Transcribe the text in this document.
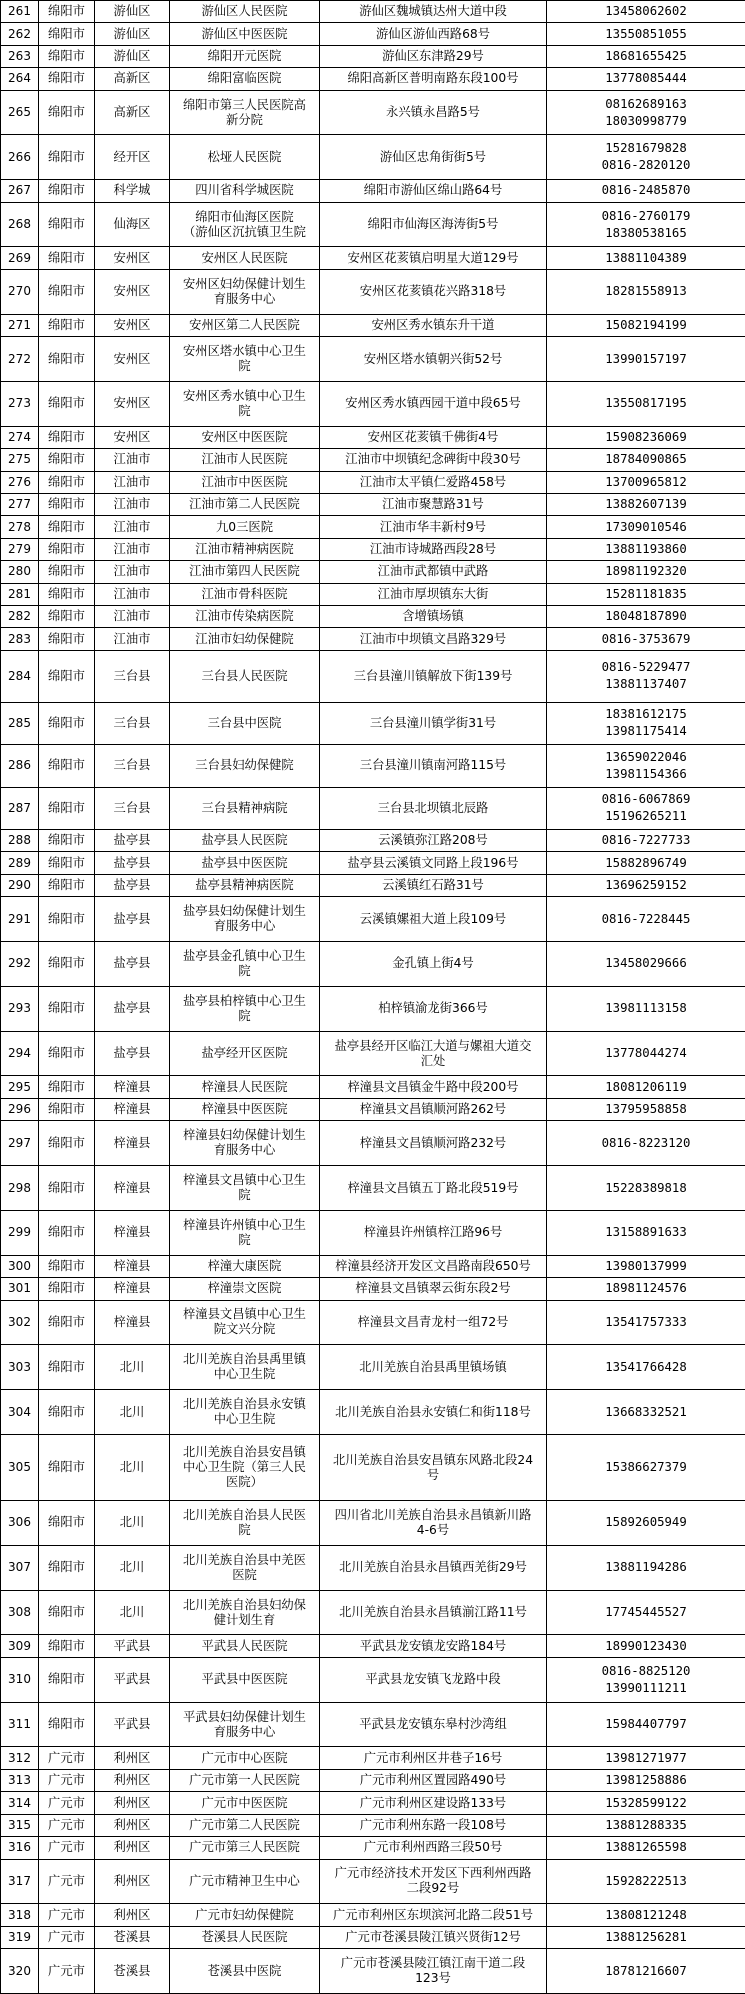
261	绵阳市	游仙区	游仙区人民医院	游仙区魏城镇达州大道中段	13458062602
262	绵阳市	游仙区	游仙区中医医院	游仙区游仙西路68号	13550851055
263	绵阳市	游仙区	绵阳开元医院	游仙区东津路29号	18681655425
264	绵阳市	高新区	绵阳富临医院	绵阳高新区普明南路东段100号	13778085444
265	绵阳市	高新区	绵阳市第三人民医院高
新分院	永兴镇永昌路5号	08162689163
18030998779
266	绵阳市	经开区	松垭人民医院	游仙区忠角街街5号	15281679828
0816-2820120
267	绵阳市	科学城	四川省科学城医院	绵阳市游仙区绵山路64号	0816-2485870
268	绵阳市	仙海区	绵阳市仙海区医院
（游仙区沉抗镇卫生院	绵阳市仙海区海涛街5号	0816-2760179
18380538165
269	绵阳市	安州区	安州区人民医院	安州区花荄镇启明星大道129号	13881104389
270	绵阳市	安州区	安州区妇幼保健计划生
育服务中心	安州区花荄镇花兴路318号	18281558913
271	绵阳市	安州区	安州区第二人民医院	安州区秀水镇东升干道	15082194199
272	绵阳市	安州区	安州区塔水镇中心卫生
院	安州区塔水镇朝兴街52号	13990157197
273	绵阳市	安州区	安州区秀水镇中心卫生
院	安州区秀水镇西园干道中段65号	13550817195
274	绵阳市	安州区	安州区中医医院	安州区花荄镇千佛街4号	15908236069
275	绵阳市	江油市	江油市人民医院	江油市中坝镇纪念碑街中段30号	18784090865
276	绵阳市	江油市	江油市中医医院	江油市太平镇仁爱路458号	13700965812
277	绵阳市	江油市	江油市第二人民医院	江油市聚慧路31号	13882607139
278	绵阳市	江油市	九0三医院	江油市华丰新村9号	17309010546
279	绵阳市	江油市	江油市精神病医院	江油市诗城路西段28号	13881193860
280	绵阳市	江油市	江油市第四人民医院	江油市武都镇中武路	18981192320
281	绵阳市	江油市	江油市骨科医院	江油市厚坝镇东大街	15281181835
282	绵阳市	江油市	江油市传染病医院	含增镇场镇	18048187890
283	绵阳市	江油市	江油市妇幼保健院	江油市中坝镇文昌路329号	0816-3753679
284	绵阳市	三台县	三台县人民医院	三台县潼川镇解放下街139号	0816-5229477
13881137407
285	绵阳市	三台县	三台县中医院	三台县潼川镇学街31号	18381612175
13981175414
286	绵阳市	三台县	三台县妇幼保健院	三台县潼川镇南河路115号	13659022046
13981154366
287	绵阳市	三台县	三台县精神病院	三台县北坝镇北辰路	0816-6067869
15196265211
288	绵阳市	盐亭县	盐亭县人民医院	云溪镇弥江路208号	0816-7227733
289	绵阳市	盐亭县	盐亭县中医医院	盐亭县云溪镇文同路上段196号	15882896749
290	绵阳市	盐亭县	盐亭县精神病医院	云溪镇红石路31号	13696259152
291	绵阳市	盐亭县	盐亭县妇幼保健计划生
育服务中心	云溪镇嫘祖大道上段109号	0816-7228445
292	绵阳市	盐亭县	盐亭县金孔镇中心卫生
院	金孔镇上街4号	13458029666
293	绵阳市	盐亭县	盐亭县柏梓镇中心卫生
院	柏梓镇渝龙街366号	13981113158
294	绵阳市	盐亭县	盐亭经开区医院	盐亭县经开区临江大道与嫘祖大道交
汇处	13778044274
295	绵阳市	梓潼县	梓潼县人民医院	梓潼县文昌镇金牛路中段200号	18081206119
296	绵阳市	梓潼县	梓潼县中医医院	梓潼县文昌镇顺河路262号	13795958858
297	绵阳市	梓潼县	梓潼县妇幼保健计划生
育服务中心	梓潼县文昌镇顺河路232号	0816-8223120
298	绵阳市	梓潼县	梓潼县文昌镇中心卫生
院	梓潼县文昌镇五丁路北段519号	15228389818
299	绵阳市	梓潼县	梓潼县许州镇中心卫生
院	梓潼县许州镇梓江路96号	13158891633
300	绵阳市	梓潼县	梓潼大康医院	梓潼县经济开发区文昌路南段650号	13980137999
301	绵阳市	梓潼县	梓潼崇文医院	梓潼县文昌镇翠云街东段2号	18981124576
302	绵阳市	梓潼县	梓潼县文昌镇中心卫生
院文兴分院	梓潼县文昌青龙村一组72号	13541757333
303	绵阳市	北川	北川羌族自治县禹里镇
中心卫生院	北川羌族自治县禹里镇场镇	13541766428
304	绵阳市	北川	北川羌族自治县永安镇
中心卫生院	北川羌族自治县永安镇仁和街118号	13668332521
305	绵阳市	北川	北川羌族自治县安昌镇
中心卫生院（第三人民
医院）	北川羌族自治县安昌镇东风路北段24
号	15386627379
306	绵阳市	北川	北川羌族自治县人民医
院	四川省北川羌族自治县永昌镇新川路
4-6号	15892605949
307	绵阳市	北川	北川羌族自治县中羌医
医院	北川羌族自治县永昌镇西羌街29号	13881194286
308	绵阳市	北川	北川羌族自治县妇幼保
健计划生育	北川羌族自治县永昌镇湔江路11号	17745445527
309	绵阳市	平武县	平武县人民医院	平武县龙安镇龙安路184号	18990123430
310	绵阳市	平武县	平武县中医医院	平武县龙安镇飞龙路中段	0816-8825120
13990111211
311	绵阳市	平武县	平武县妇幼保健计划生
育服务中心	平武县龙安镇东皋村沙湾组	15984407797
312	广元市	利州区	广元市中心医院	广元市利州区井巷子16号	13981271977
313	广元市	利州区	广元市第一人民医院	广元市利州区置园路490号	13981258886
314	广元市	利州区	广元市中医医院	广元市利州区建设路133号	15328599122
315	广元市	利州区	广元市第二人民医院	广元市利州东路一段108号	13881288335
316	广元市	利州区	广元市第三人民医院	广元市利州西路三段50号	13881265598
317	广元市	利州区	广元市精神卫生中心	广元市经济技术开发区下西利州西路
二段92号	15928222513
318	广元市	利州区	广元市妇幼保健院	广元市利州区东坝滨河北路二段51号	13808121248
319	广元市	苍溪县	苍溪县人民医院	广元市苍溪县陵江镇兴贤街12号	13881256281
320	广元市	苍溪县	苍溪县中医院	广元市苍溪县陵江镇江南干道二段
123号	18781216607
